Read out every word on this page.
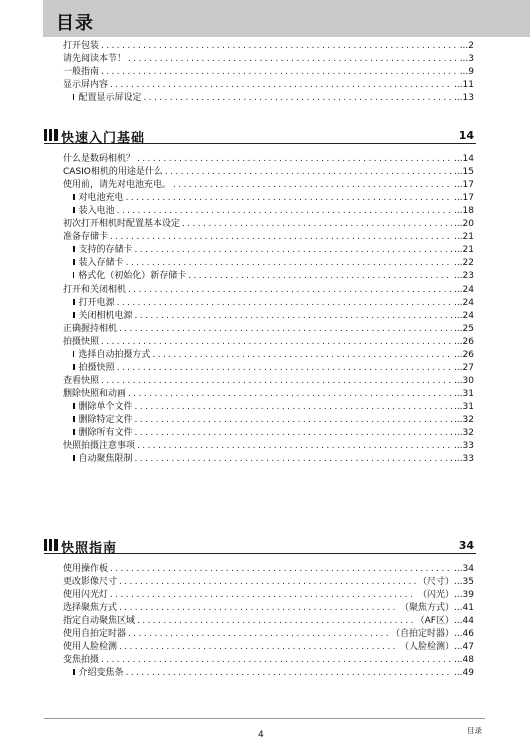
目录
打开包装 .....	...2
请先阅读本节！ .....	...3
一般指南 .....	...9
显示屏内容 .....	...11
配置显示屏设定 .....	...13
快速入门基础	14
什么是数码相机？ .....	...14
CASIO相机的用途是什么 .....	...15
使用前，请先对电池充电。 .....	...17
对电池充电 .....	...17
装入电池 .....	...18
初次打开相机时配置基本设定 .....	...20
准备存储卡 .....	...21
支持的存储卡 .....	...21
装入存储卡 .....	...22
格式化（初始化）新存储卡 .....	...23
打开和关闭相机 .....	...24
打开电源 .....	...24
关闭相机电源 .....	...24
正确握持相机 .....	...25
拍摄快照 .....	...26
选择自动拍摄方式 .....	...26
拍摄快照 .....	...27
查看快照 .....	...30
删除快照和动画 .....	...31
删除单个文件 .....	...31
删除特定文件 .....	...32
删除所有文件 .....	...32
快照拍摄注意事项 .....	...33
自动聚焦限制 .....	...33
快照指南	34
使用操作板 .....	...34
更改影像尺寸 .....	（尺寸）...35
使用闪光灯 .....	（闪光）...39
选择聚焦方式 .....	（聚焦方式）...41
指定自动聚焦区域 .....	（AF区）...44
使用自拍定时器 .....	（自拍定时器）...46
使用人脸检测 .....	（人脸检测）...47
变焦拍摄 .....	...48
介绍变焦条 .....	...49
4	目录
